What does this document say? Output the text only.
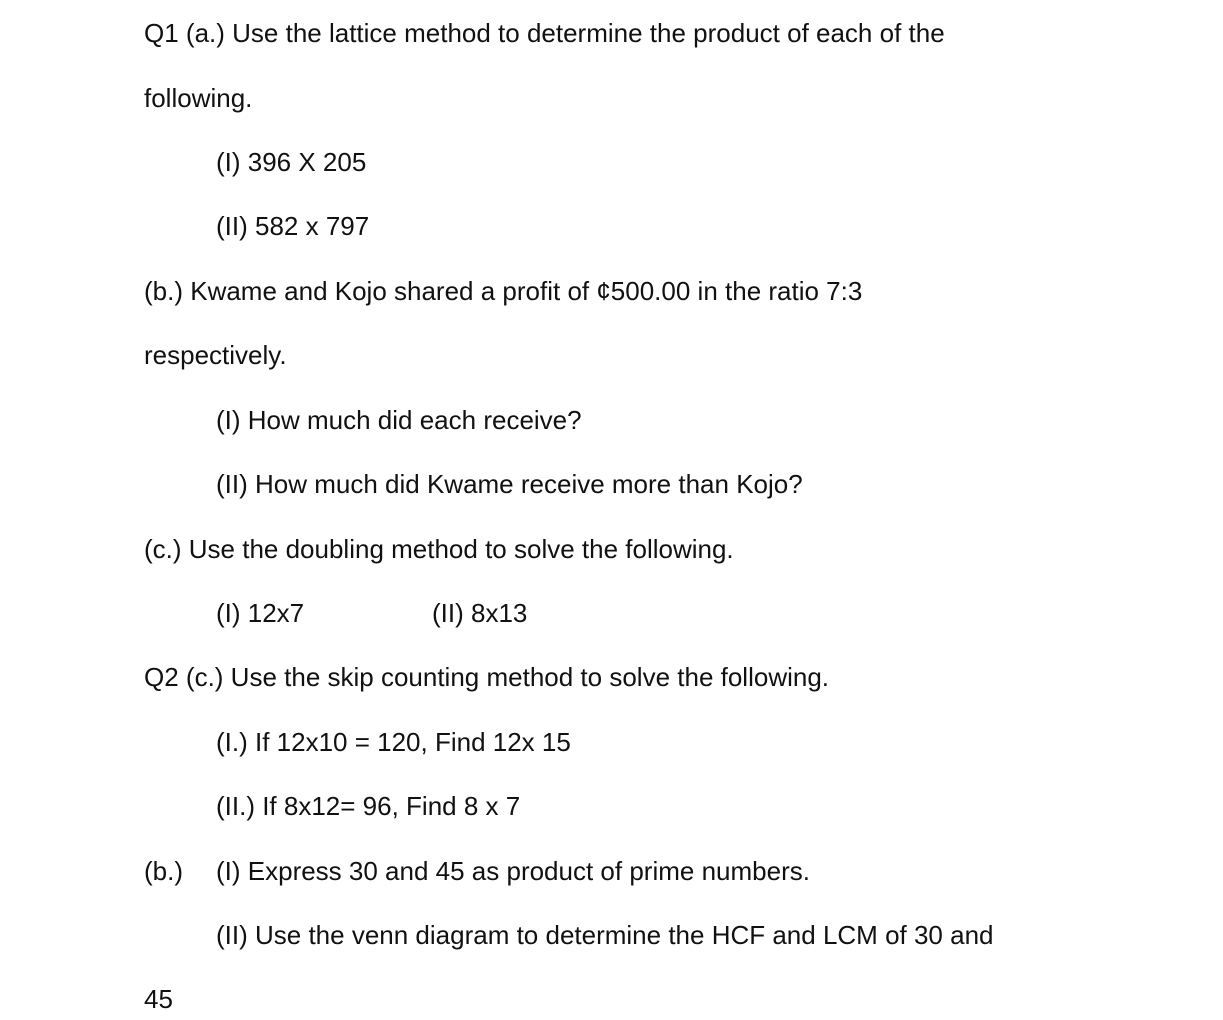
Q1 (a.) Use the lattice method to determine the product of each of the
following.
(I) 396 X 205
(II) 582 x 797
(b.) Kwame and Kojo shared a profit of ¢500.00 in the ratio 7:3
respectively.
(I) How much did each receive?
(II) How much did Kwame receive more than Kojo?
(c.) Use the doubling method to solve the following.
(I) 12x7	(II) 8x13
Q2 (c.) Use the skip counting method to solve the following.
(I.) If 12x10 = 120, Find 12x 15
(II.) If 8x12= 96, Find 8 x 7
(b.) (I) Express 30 and 45 as product of prime numbers.
(II) Use the venn diagram to determine the HCF and LCM of 30 and
45
